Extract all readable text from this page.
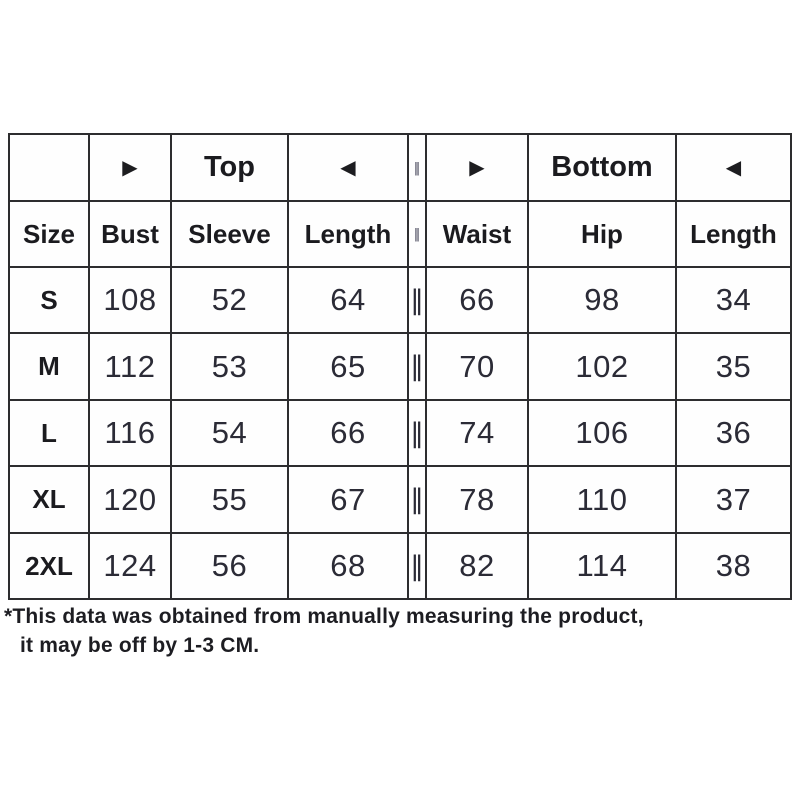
	▶	Top	◀	‖	▶	Bottom	◀
Size	Bust	Sleeve	Length	‖	Waist	Hip	Length
S	108	52	64	‖	66	98	34
M	112	53	65	‖	70	102	35
L	116	54	66	‖	74	106	36
XL	120	55	67	‖	78	110	37
2XL	124	56	68	‖	82	114	38
*This data was obtained from manually measuring the product,
it may be off by 1-3 CM.
